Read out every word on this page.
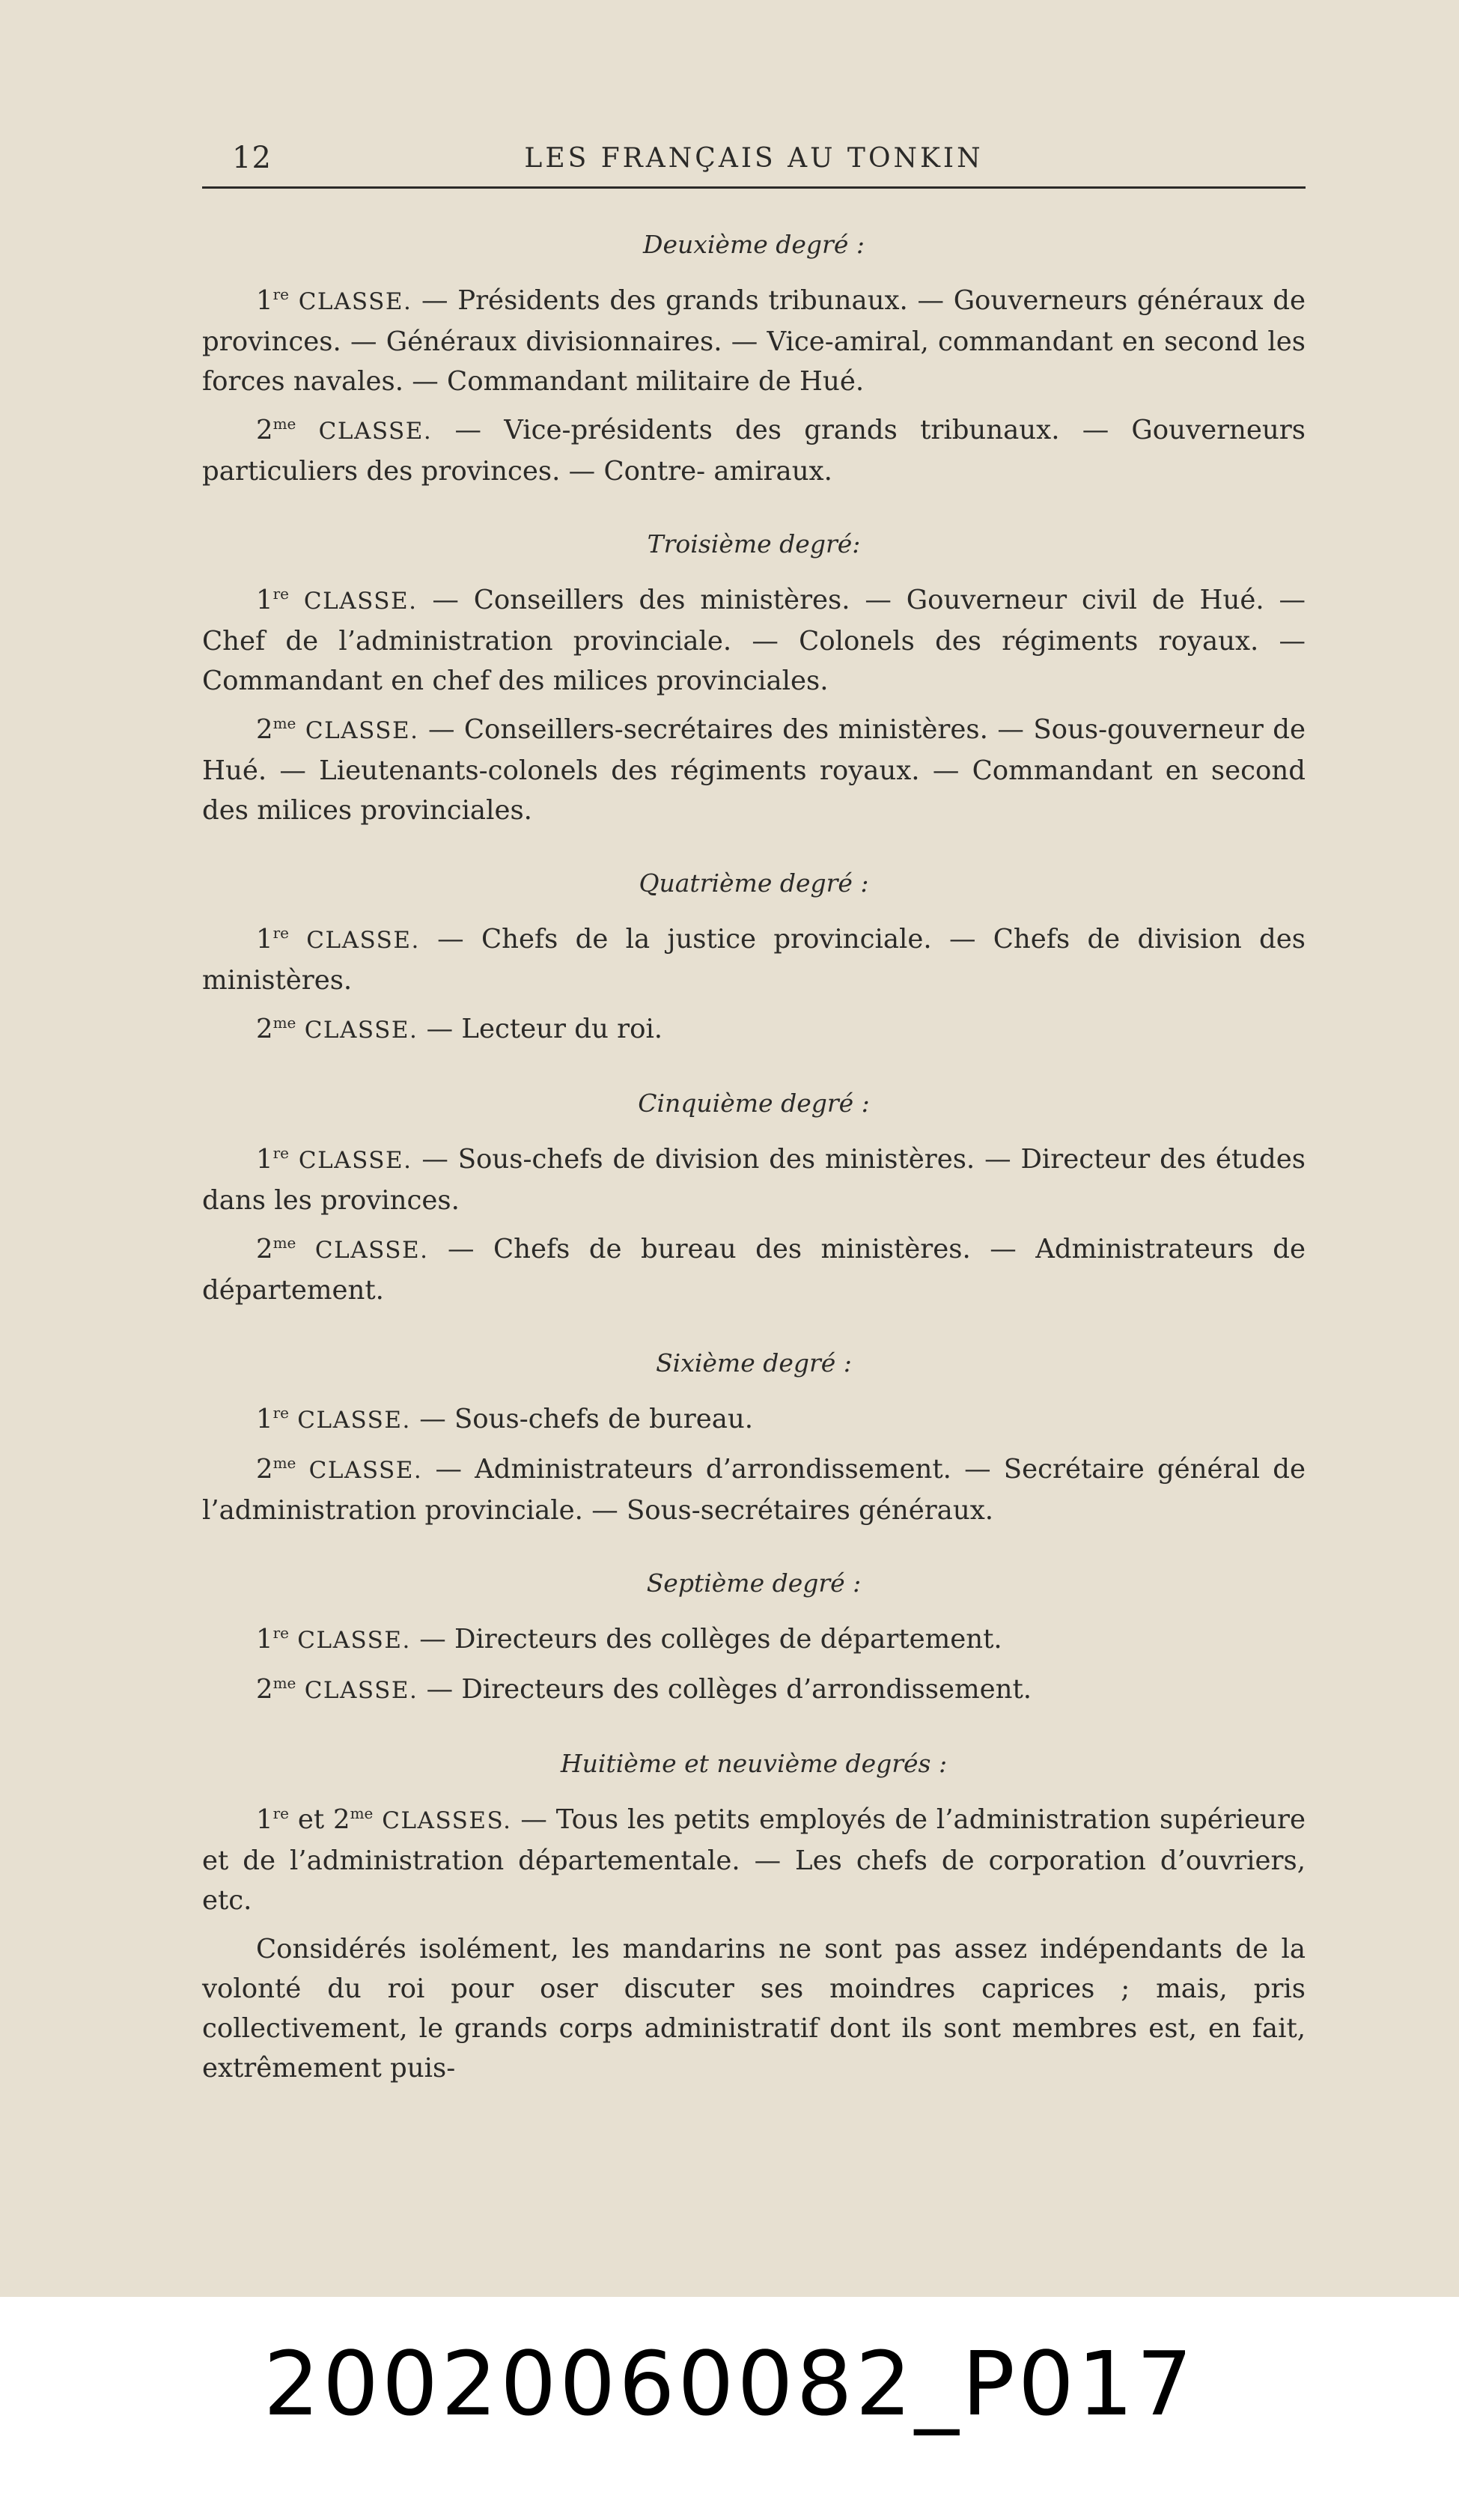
12	LES FRANÇAIS AU TONKIN
Deuxième degré :

1re CLASSE. — Présidents des grands tribunaux. — Gouverneurs généraux de provinces. — Généraux divisionnaires. — Vice-amiral, commandant en second les forces navales. — Commandant militaire de Hué.

$2^{me}$ CLASSE. — Vice-présidents des grands tribunaux. — Gouverneurs particuliers des provinces. — Contre- amiraux.

Troisième degré:

1re CLASSE. — Conseillers des ministères. — Gouverneur civil de Hué. — Chef de l’administration provinciale. — Colonels des régiments royaux. — Commandant en chef des milices provinciales.

$2^{me}$ CLASSE. — Conseillers-secrétaires des ministères. — Sous-gouverneur de Hué. — Lieutenants-colonels des régiments royaux. — Commandant en second des milices provinciales.

Quatrième degré :

1re CLASSE. — Chefs de la justice provinciale. — Chefs de division des ministères.

$2^{me}$ CLASSE. — Lecteur du roi.

Cinquième degré :

1re CLASSE. — Sous-chefs de division des ministères. — Directeur des études dans les provinces.

$2^{me}$ CLASSE. — Chefs de bureau des ministères. — Administrateurs de département.

Sixième degré :

1re CLASSE. — Sous-chefs de bureau.

$2^{me}$ CLASSE. — Administrateurs d’arrondissement. — Secrétaire général de l’administration provinciale. — Sous-secrétaires généraux.

Septième degré :

1re CLASSE. — Directeurs des collèges de département.

$2^{me}$ CLASSE. — Directeurs des collèges d’arrondissement.

Huitième et neuvième degrés :

1re et $2^{me}$ CLASSES. — Tous les petits employés de l’administration supérieure et de l’administration départementale. — Les chefs de corporation d’ouvriers, etc.

Considérés isolément, les mandarins ne sont pas assez indépendants de la volonté du roi pour oser discuter ses moindres caprices ; mais, pris collectivement, le grands corps administratif dont ils sont membres est, en fait, extrêmement puis-

20020060082_P017
